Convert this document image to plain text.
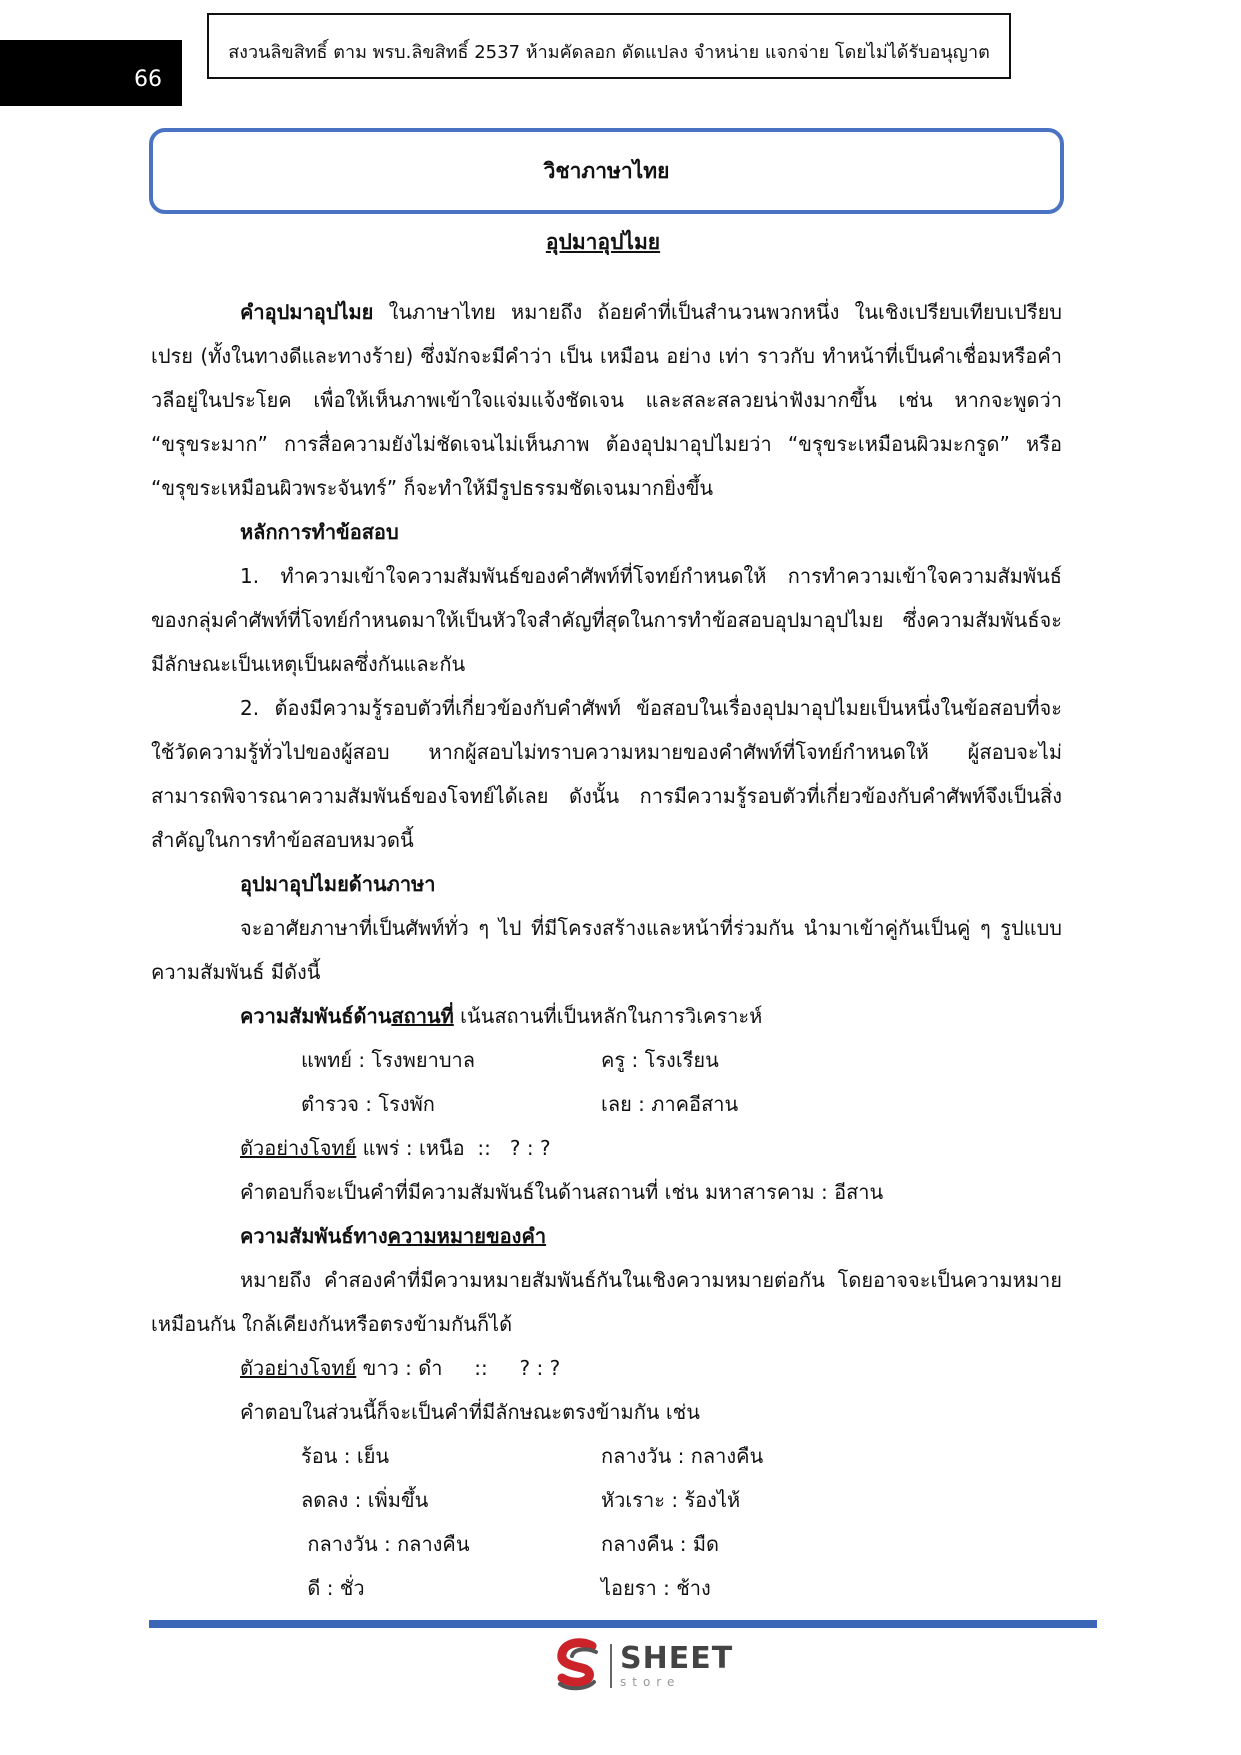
66
สงวนลิขสิทธิ์ ตาม พรบ.ลิขสิทธิ์ 2537 ห้ามคัดลอก ดัดแปลง จำหน่าย แจกจ่าย โดยไม่ได้รับอนุญาต
วิชาภาษาไทย
อุปมาอุปไมย

คำอุปมาอุปไมย ในภาษาไทย หมายถึง ถ้อยคำที่เป็นสำนวนพวกหนึ่ง ในเชิงเปรียบเทียบเปรียบเปรย (ทั้งในทางดีและทางร้าย) ซึ่งมักจะมีคำว่า เป็น เหมือน อย่าง เท่า ราวกับ ทำหน้าที่เป็นคำเชื่อมหรือคำวลีอยู่ในประโยค เพื่อให้เห็นภาพเข้าใจแจ่มแจ้งชัดเจน และสละสลวยน่าฟังมากขึ้น เช่น หากจะพูดว่า “ขรุขระมาก” การสื่อความยังไม่ชัดเจนไม่เห็นภาพ ต้องอุปมาอุปไมยว่า “ขรุขระเหมือนผิวมะกรูด” หรือ “ขรุขระเหมือนผิวพระจันทร์” ก็จะทำให้มีรูปธรรมชัดเจนมากยิ่งขึ้น

หลักการทำข้อสอบ

1. ทำความเข้าใจความสัมพันธ์ของคำศัพท์ที่โจทย์กำหนดให้ การทำความเข้าใจความสัมพันธ์ของกลุ่มคำศัพท์ที่โจทย์กำหนดมาให้เป็นหัวใจสำคัญที่สุดในการทำข้อสอบอุปมาอุปไมย ซึ่งความสัมพันธ์จะมีลักษณะเป็นเหตุเป็นผลซึ่งกันและกัน

2. ต้องมีความรู้รอบตัวที่เกี่ยวข้องกับคำศัพท์ ข้อสอบในเรื่องอุปมาอุปไมยเป็นหนึ่งในข้อสอบที่จะใช้วัดความรู้ทั่วไปของผู้สอบ หากผู้สอบไม่ทราบความหมายของคำศัพท์ที่โจทย์กำหนดให้ ผู้สอบจะไม่สามารถพิจารณาความสัมพันธ์ของโจทย์ได้เลย ดังนั้น การมีความรู้รอบตัวที่เกี่ยวข้องกับคำศัพท์จึงเป็นสิ่งสำคัญในการทำข้อสอบหมวดนี้

อุปมาอุปไมยด้านภาษา

จะอาศัยภาษาที่เป็นศัพท์ทั่ว ๆ ไป ที่มีโครงสร้างและหน้าที่ร่วมกัน นำมาเข้าคู่กันเป็นคู่ ๆ รูปแบบความสัมพันธ์ มีดังนี้

ความสัมพันธ์ด้านสถานที่ เน้นสถานที่เป็นหลักในการวิเคราะห์

แพทย์ : โรงพยาบาล	ครู : โรงเรียน
ตำรวจ : โรงพัก	เลย : ภาคอีสาน

ตัวอย่างโจทย์ แพร่ : เหนือ  ::   ? : ?

คำตอบก็จะเป็นคำที่มีความสัมพันธ์ในด้านสถานที่ เช่น มหาสารคาม : อีสาน

ความสัมพันธ์ทางความหมายของคำ

หมายถึง คำสองคำที่มีความหมายสัมพันธ์กันในเชิงความหมายต่อกัน โดยอาจจะเป็นความหมายเหมือนกัน ใกล้เคียงกันหรือตรงข้ามกันก็ได้

ตัวอย่างโจทย์ ขาว : ดำ     ::     ? : ?

คำตอบในส่วนนี้ก็จะเป็นคำที่มีลักษณะตรงข้ามกัน เช่น

ร้อน : เย็น	กลางวัน : กลางคืน
ลดลง : เพิ่มขึ้น	หัวเราะ : ร้องไห้
กลางวัน : กลางคืน	กลางคืน : มืด
ดี : ชั่ว	ไอยรา : ช้าง
SHEET
store
